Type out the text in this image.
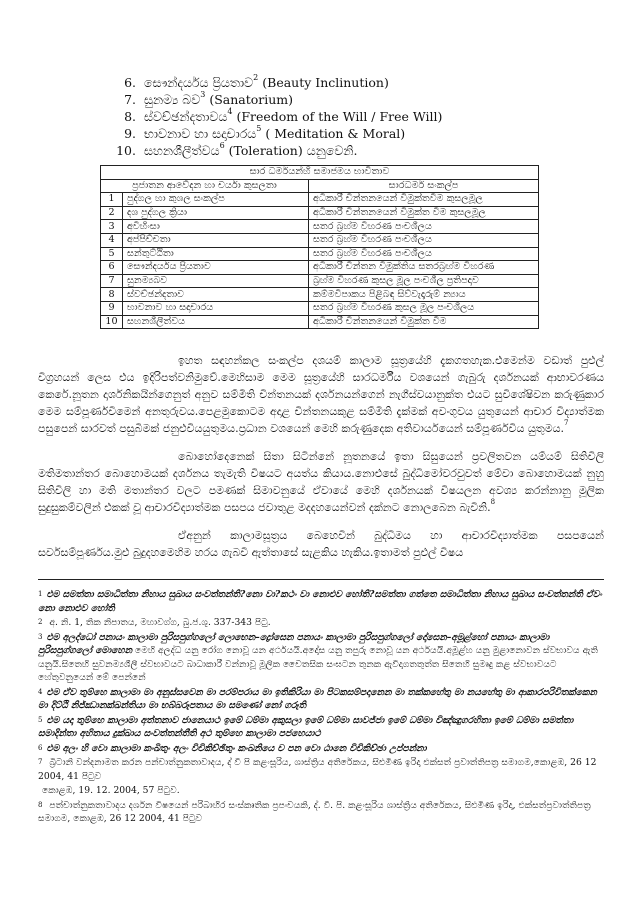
6. සෞන්දර්යය ප්‍රියතාව 2
(Beauty Inclinution)
7. සුනම්‍ය බව 3
(Sanatorium)
8. ස්වච්ඡන්දතාවය 4
(Freedom of the Will / Free Will)
9. භාවනාව හා සදාචාරය 5
( Meditation & Moral)
10. සහනශීලීත්වය 6
(Toleration) යනුවෙනි.
සාර ධර්මයන්හි සමාජමය භාවිතාව		
ප්‍රජාතන ආවේදන හා චර්යා කුසලතා		සාරධර්ම සංකල්ප
1	පුද්ගල හා කුශල සංකල්ප	අධිකාරී චින්තනයෙන් විමුක්තවීම කුසලමූල
2	දශ පුද්ගල ක්‍රියා	අධිකාරී චින්තනයෙන් විමුක්ත වීම කුසලමූල
3	අවිහිංසා	සතර බ්‍රහ්ම විහරණ පංචශීලය
4	අප්පිච්චතා	සතර බ්‍රහ්ම විහරණ පංචශීලය
5	සන්තුට්ඨිතා	සතර බ්‍රහ්ම විහරණ පංචශීලය
6	සෞන්දර්යය ප්‍රියතාව	අධිකාරී චින්තන විමුක්තිය සතරබ්‍රහ්ම විහරණ
7	සුනම්‍යබව	බ්‍රහ්ම විහරණ කුසල මූල පංචශීල ප්‍රතිපදාව
8	ස්වච්ඡන්දතාව	කම්මවිපාකය පිළිබඳ සිව්වැදෑරුම් න්‍යාය
9	භාවනාව හා සදාචාරය	සතර බ්‍රහ්ම විහරණ කුසල මූල පංචශීලය
10	සහනශීලීත්වය	අධිකාරී චින්තනයෙන් විමුක්ත වීම

ඉහත සඳහන්කල සංකල්ප දශයම් කාලාම සූත්‍රයේහි දැකගතහැක.එමෙන්ම වඩාත් පුළුල් විග්‍රහයන් ලෙස එය ඉදිරිපත්වනිමුවේ.මෙහිසාම මෙම සූත්‍රයේහි සාරධර්මීය වශයෙන් ගැබුරු දර්ශනයක් ආභාවරණය කෙරේ.නූතන දාර්ශනිකයින්ගෙනුත් අනුව සම්මිති චින්තනයක් දර්ශනයන්ගෙන් නැගීස්වයානුක්ත එයට සුවිශේෂිවන කරුණුකාර මෙම සම්පූර්ණවීමෙන් අනතුරුවය.පෙළමුකොටම අදාළ චින්තනයකුළ සම්මිති දැක්මක් අවංගුවය යුතුයෙන් ආචාර විද්‍යාත්මක පසුපෙන් සාරවත් පසුබිමක් ජනුළුවියයුතුමය.ප්‍රධාන වශයෙන් මෙහි කරුණුදෙක අතිවාර්යයෙන් සම්පූර්ණවිය යුතුමය.$^7$

බොහෝදෙනෙක් සිතා සිටින්නේ නූතනයේ ඉතා සිසුයෙන් ප්‍රවලිතවන යම්යම් සිතිවිලි මතිමතාන්තර බොහොමයක් දර්ශනය තැමැති විෂයට අයත්ය කියාය.නොඑසේ බුද්ධිමෝවරවුවත් මේවා බොහොමයක් නුහු සිතිවිලි හා මති මතාන්තර වලට පමණක් සිමාවනුයේ ඒවායේ මෙහි දර්ශනයක් විෂයලන අවශ්‍ය කරන්නානු මූලික සුදුසුකම්වලින් එකක් වූ ආචාරවිද්‍යාත්මක පසපය ජවාතුළ මදදහයෙන්වන් දක්නට නොලබෙන බැවිනි.$^8$

ඒඅනුන් කාලාමසූත්‍රය බෙහෙවින් බුද්ධිමය හා ආචාරවිද්‍යාත්මක පසපයෙන් සර්වසම්පූර්ණය.මුළු බුදුදහමෙහිම හරය ගැබවී ඇත්තාසේ සැළකිය හැකිය.ඉතාමත් පුළුල් විෂය

$^1$ එම සමත්තා සමාධිත්තා නිහාය සුඛාය සංවත්තන්ති?නො වා?කථං වා නොඑව හෝති?සමත්තා ගත්තෙ සමාධිත්තා නිහාය සුඛාය සංවත්තන්ති ඒවං නො නොඑව හෝති
$^2$ අ. නි. 1, තික නිපාතය, මහාවග්ග, බු.ජ.ශු. 337-343 පිටු.
$^3$ එම අලද්ධෝ පනායං කාලාමා පුරිසපුග්ගලෝ ලොභෙන–ද්‍රෝසෙන පනායං කාලාමා පුරිසපුග්ගලෝ දෝසෙන–අමූළ්හෝ පනායං කාලාමා පුරිසපුග්ගලෝ මොහෙන මෙහි අලද්ධ යනු රෝග නොවූ යන අර්ථයයි.අදෝස යනු තපුරු නොවූ යන අර්ථයයි.අමූළ්හ යනු මුළානොවන ස්වභාවය ඇති යනුයි.සිතෙහි සුවනම්‍යශීලී ස්වභාවයට බාධාකාරී වන්නාවූ මූලික චෛතසික සංඝටන තුනක ඇවිදාගතතුත්ත සිතෙහි සුමෘදු කළ ස්වභාවයට හේතුවනුයෙන් මේ පෙන්නේ
$^4$ එම ඒව තුම්හෙ කාලාමා මා අනුස්සවෙන මා පරම්පරාය මා ඉතිකිරියා මා පිටකසම්පදානෙන මා තක්කහේතු මා නයහේතු මා ආකාරපරිවිතක්කෙන මා දිට්ඨි නිජ්ඣානක්ඛන්තියා මා භබ්බරූපතාය මා සමණෝ නෝ ගරූති
$^5$ එම යදා තුම්හෙ කාලාමා අත්තනාව ජානෙයාථ ඉමේ ධම්මා අකුසලා ඉමේ ධම්මා සාවජ්ජා ඉමේ ධම්මා විඤ්ඤුගරහිතා ඉමේ ධම්මා සමත්තා සමාදින්තා අහිතාය දුක්ඛාය සංවත්තන්තීති අථ තුම්හෙ කාලාමා පජහෙයාථ
$^6$ එම අලං හි වො කාලාමා කංඛිතුං අලං විචිකිච්ඡිතුං කංඛනියෙ ච පන වො ඨානෙ විචිකිච්ඡා උප්පන්නා
$^7$ බ්‍රිටානි වන්දනාමත කරන පන්චාත්නුකතාවාදය, ද් වී පි කළංසූරිය, ශාස්ත්‍රිය අතිරේකය, සිළුමිණ ඉරිදා එක්සත් ප්‍රවාත්තිපත්‍ර සමාගම,කොළඹ, 26 12 2004, 41 පිටුව
කොළඹ, 19. 12. 2004, 57 පිටුව.
$^8$ පත්චාත්නුකතාවාදය දර්ශන විෂයෙන් පරිබාහිර සංස්කෘතික ප්‍රපංචයකි, ද්. වී. පි. කළංසූරිය ශාස්ත්‍රිය අතිරේකය, සිළුමිණ ඉරිදා, එක්සත්ප්‍රවාත්තිපත්‍ර සමාගම, කොළඹ, 26 12 2004, 41 පිටුව
